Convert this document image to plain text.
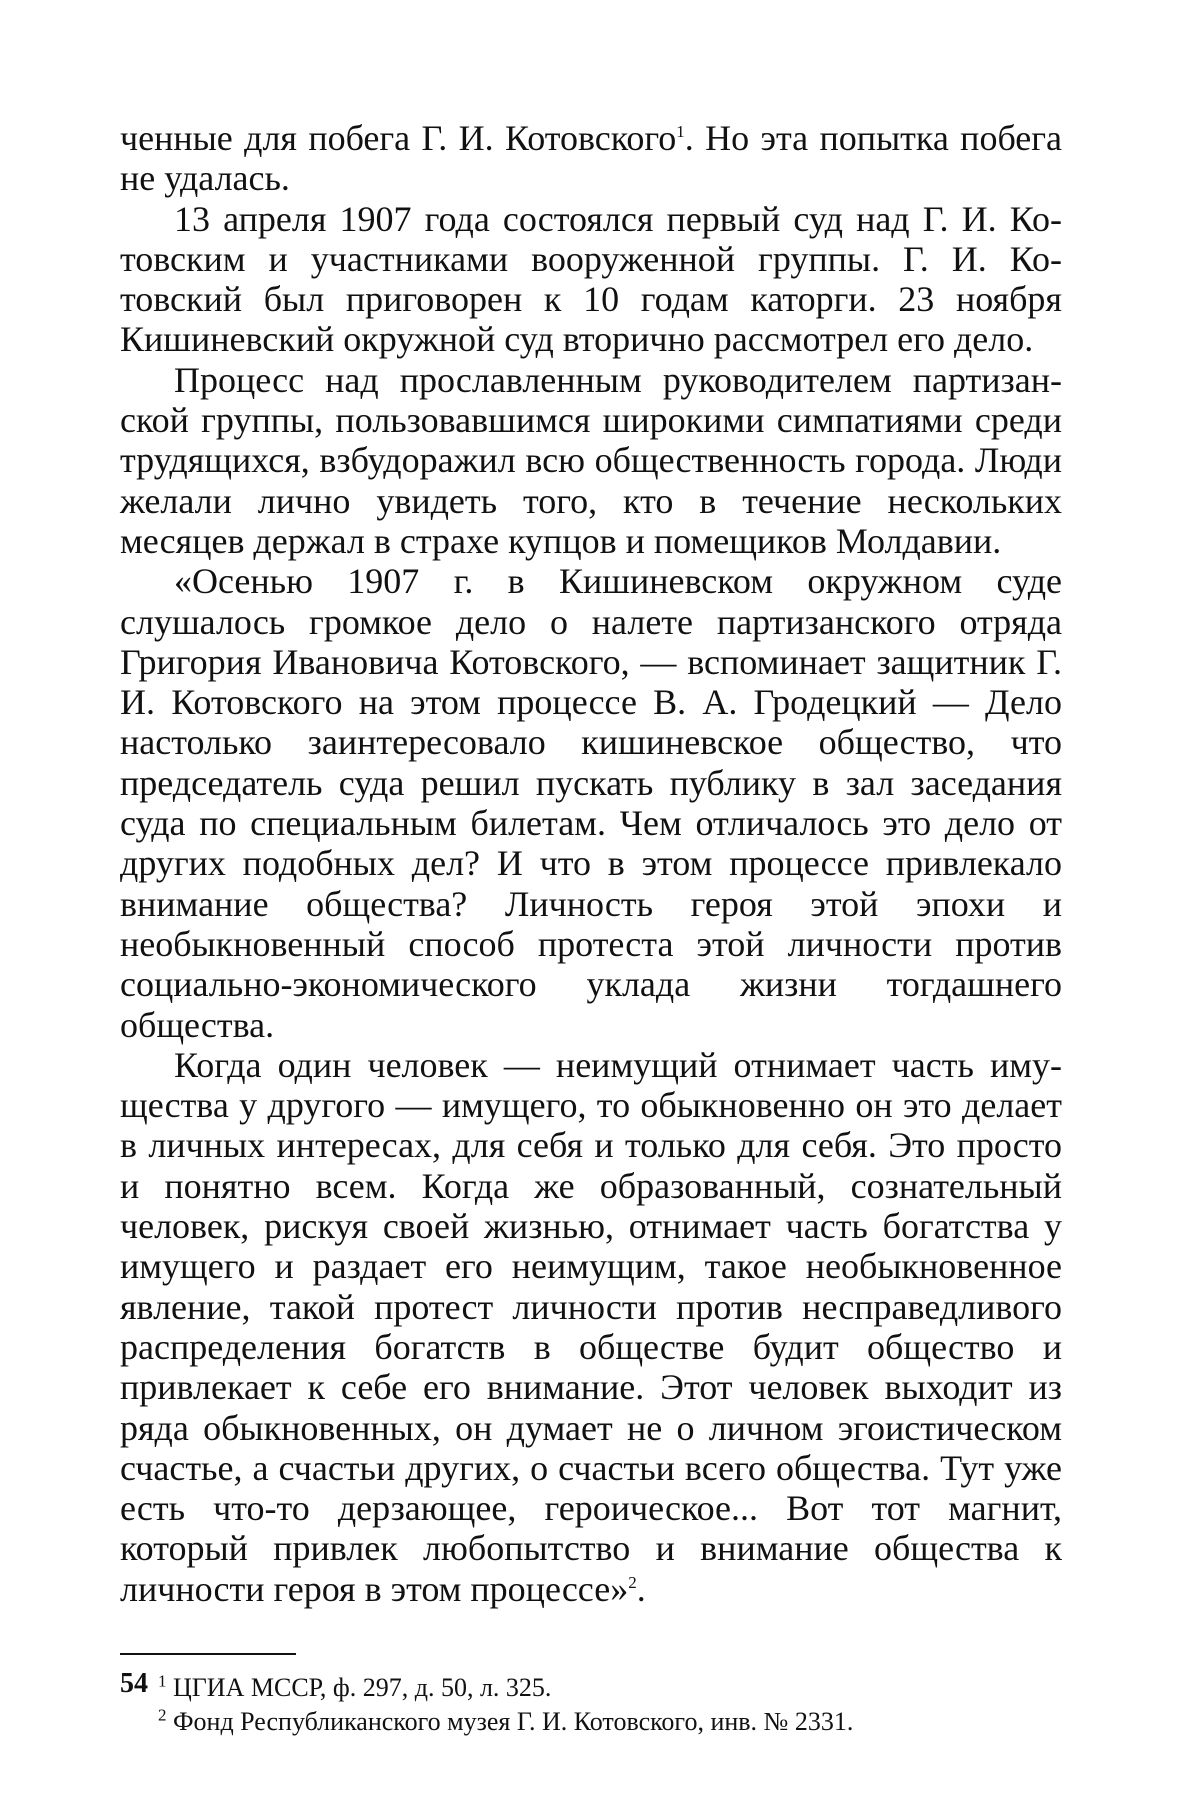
ченные для побега Г. И. Котовского$^1$. Но эта попытка побега не удалась.

13 апреля 1907 года состоялся первый суд над Г. И. Котовским и участниками вооруженной группы. Г. И. Котовский был приговорен к 10 годам каторги. 23 ноября Кишиневский окружной суд вторично рассмотрел его дело.

Процесс над прославленным руководителем партизанской группы, пользовавшимся широкими симпатиями среди трудящихся, взбудоражил всю общественность города. Люди желали лично увидеть того, кто в течение нескольких месяцев держал в страхе купцов и помещиков Молдавии.

«Осенью 1907 г. в Кишиневском окружном суде слушалось громкое дело о налете партизанского отряда Григория Ивановича Котовского, — вспоминает защитник Г. И. Котовского на этом процессе В. А. Гродецкий — Дело настолько заинтересовало кишиневское общество, что председатель суда решил пускать публику в зал заседания суда по специальным билетам. Чем отличалось это дело от других подобных дел? И что в этом процессе привлекало внимание общества? Личность героя этой эпохи и необыкновенный способ протеста этой личности против социально-экономического уклада жизни тогдашнего общества.

Когда один человек — неимущий отнимает часть имущества у другого — имущего, то обыкновенно он это делает в личных интересах, для себя и только для себя. Это просто и понятно всем. Когда же образованный, сознательный человек, рискуя своей жизнью, отнимает часть богатства у имущего и раздает его неимущим, такое необыкновенное явление, такой протест личности против несправедливого распределения богатств в обществе будит общество и привлекает к себе его внимание. Этот человек выходит из ряда обыкновенных, он думает не о личном эгоистическом счастье, а счастьи других, о счастьи всего общества. Тут уже есть что-то дерзающее, героическое... Вот тот магнит, который привлек любопытство и внимание общества к личности героя в этом процессе»$^2$.

$^1$ ЦГИА МССР, ф. 297, д. 50, л. 325.

$^2$ Фонд Республиканского музея Г. И. Котовского, инв. № 2331.

54
